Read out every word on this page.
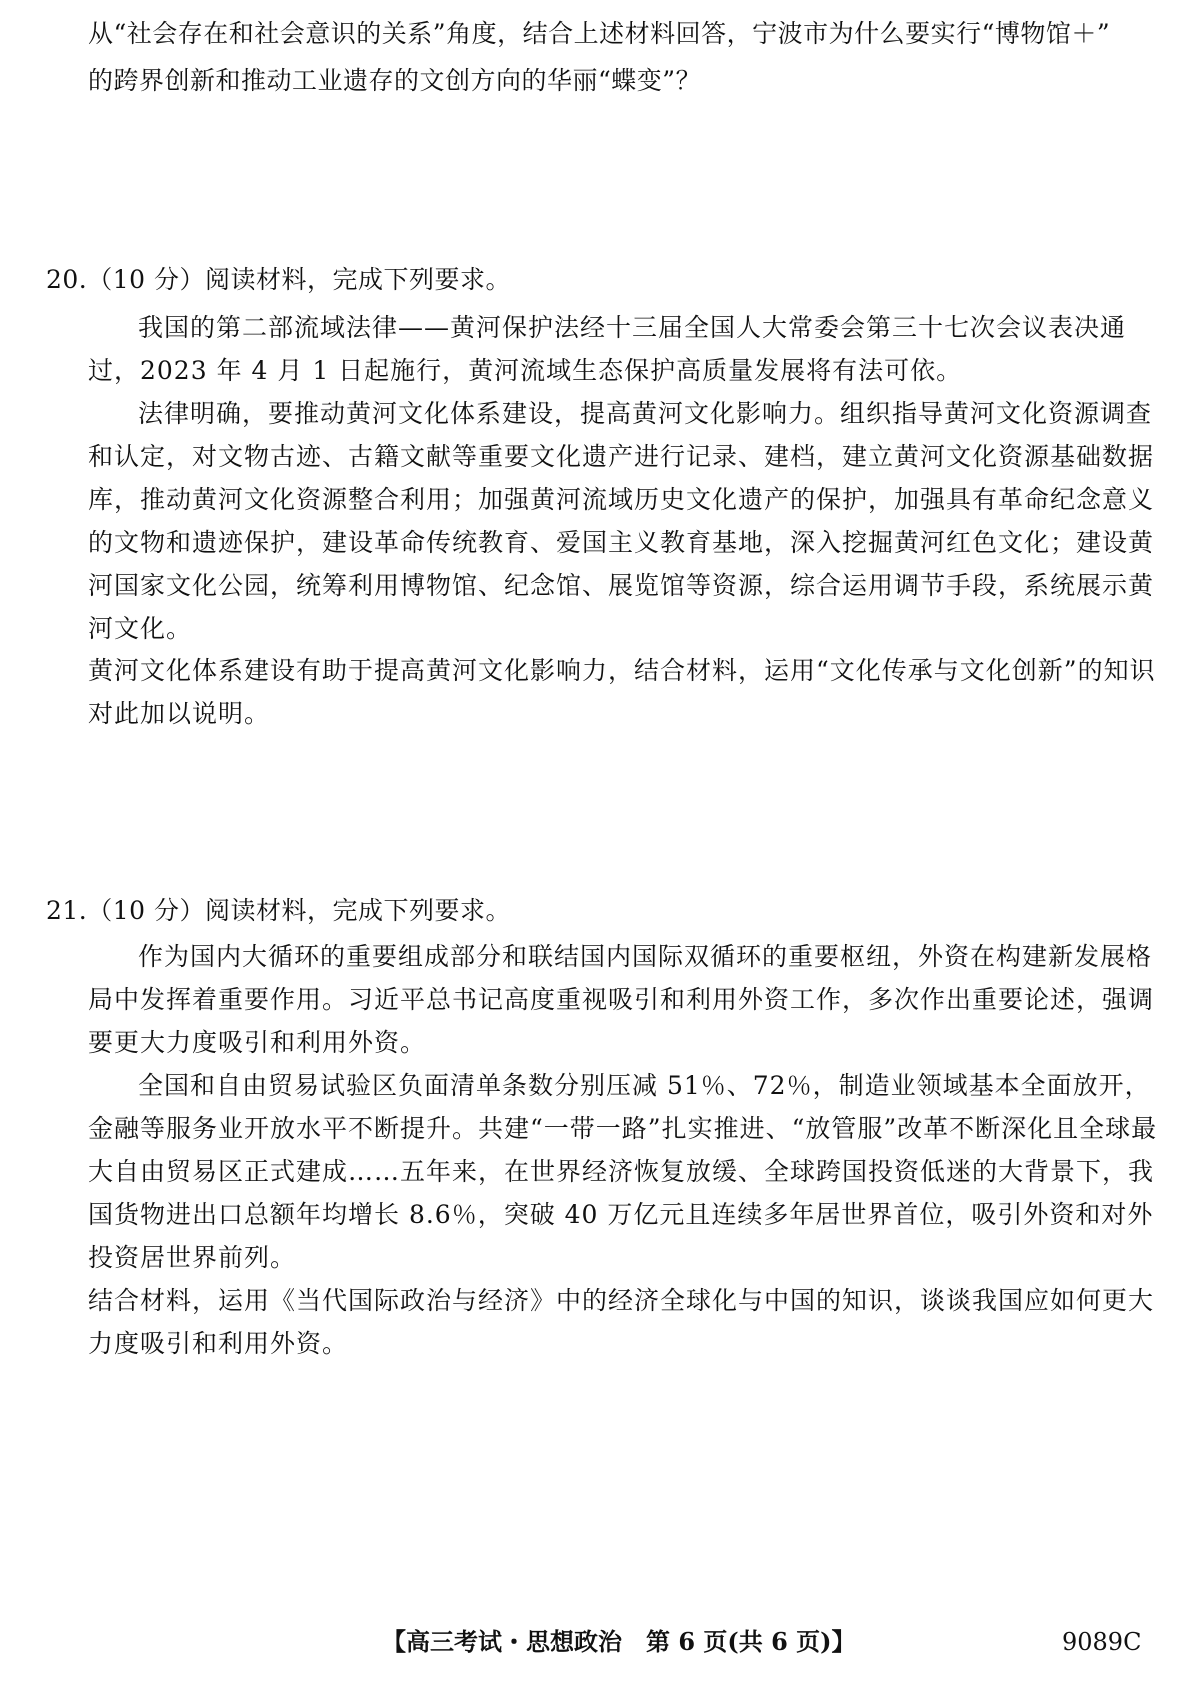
从“社会存在和社会意识的关系”角度，结合上述材料回答，宁波市为什么要实行“博物馆＋”
的跨界创新和推动工业遗存的文创方向的华丽“蝶变”？
20.（10 分）阅读材料，完成下列要求。
我国的第二部流域法律——黄河保护法经十三届全国人大常委会第三十七次会议表决通过，2023 年 4 月 1 日起施行，黄河流域生态保护高质量发展将有法可依。
法律明确，要推动黄河文化体系建设，提高黄河文化影响力。组织指导黄河文化资源调查和认定，对文物古迹、古籍文献等重要文化遗产进行记录、建档，建立黄河文化资源基础数据库，推动黄河文化资源整合利用；加强黄河流域历史文化遗产的保护，加强具有革命纪念意义的文物和遗迹保护，建设革命传统教育、爱国主义教育基地，深入挖掘黄河红色文化；建设黄河国家文化公园，统筹利用博物馆、纪念馆、展览馆等资源，综合运用调节手段，系统展示黄河文化。
黄河文化体系建设有助于提高黄河文化影响力，结合材料，运用“文化传承与文化创新”的知识对此加以说明。
21.（10 分）阅读材料，完成下列要求。
作为国内大循环的重要组成部分和联结国内国际双循环的重要枢纽，外资在构建新发展格局中发挥着重要作用。习近平总书记高度重视吸引和利用外资工作，多次作出重要论述，强调要更大力度吸引和利用外资。
全国和自由贸易试验区负面清单条数分别压减 51％、72％，制造业领域基本全面放开，金融等服务业开放水平不断提升。共建“一带一路”扎实推进、“放管服”改革不断深化且全球最大自由贸易区正式建成……五年来，在世界经济恢复放缓、全球跨国投资低迷的大背景下，我国货物进出口总额年均增长 8.6％，突破 40 万亿元且连续多年居世界首位，吸引外资和对外投资居世界前列。
结合材料，运用《当代国际政治与经济》中的经济全球化与中国的知识，谈谈我国应如何更大力度吸引和利用外资。
【高三考试・思想政治　第 6 页(共 6 页)】	9089C
